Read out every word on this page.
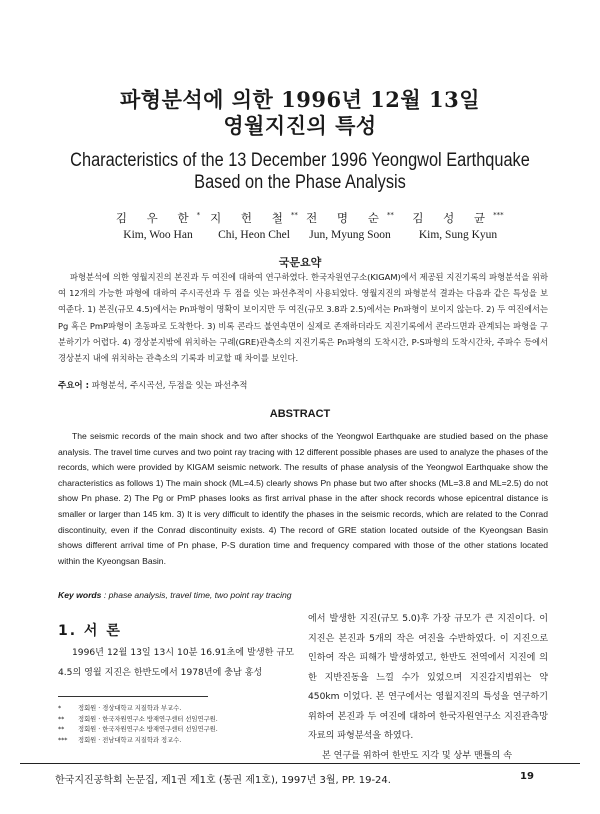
파형분석에 의한 1996년 12월 13일
영월지진의 특성
Characteristics of the 13 December 1996 Yeongwol Earthquake
Based on the Phase Analysis
김 우 한*
Kim, Woo Han
지 헌 철**
Chi, Heon Chel
전 명 순**
Jun, Myung Soon
김 성 균***
Kim, Sung Kyun
국문요약
파형분석에 의한 영월지진의 본진과 두 여진에 대하여 연구하였다. 한국자원연구소(KIGAM)에서 제공된 지진기록의 파형분석을 위하여 12개의 가능한 파형에 대하여 주시곡선과 두 점을 잇는 파선추적이 사용되었다. 영월지진의 파형분석 결과는 다음과 같은 특성을 보여준다. 1) 본진(규모 4.5)에서는 Pn파형이 명확이 보이지만 두 여진(규모 3.8과 2.5)에서는 Pn파형이 보이지 않는다. 2) 두 여진에서는 Pg 혹은 PmP파형이 초동파로 도착한다. 3) 비록 콘라드 불연속면이 실제로 존재하더라도 지진기록에서 콘라드면과 관계되는 파형을 구분하기가 어렵다. 4) 경상분지밖에 위치하는 구례(GRE)관측소의 지진기록은 Pn파형의 도착시간, P-S파형의 도착시간차, 주파수 등에서 경상분지 내에 위치하는 관측소의 기록과 비교할 때 차이를 보인다.
주요어 : 파형분석, 주시곡선, 두점을 잇는 파선추적
ABSTRACT
The seismic records of the main shock and two after shocks of the Yeongwol Earthquake are studied based on the phase analysis. The travel time curves and two point ray tracing with 12 different possible phases are used to analyze the phases of the records, which were provided by KIGAM seismic network. The results of phase analysis of the Yeongwol Earthquake show the characteristics as follows 1) The main shock (ML=4.5) clearly shows Pn phase but two after shocks (ML=3.8 and ML=2.5) do not show Pn phase. 2) The Pg or PmP phases looks as first arrival phase in the after shock records whose epicentral distance is smaller or larger than 145 km. 3) It is very difficult to identify the phases in the seismic records, which are related to the Conrad discontinuity, even if the Conrad discontinuity exists. 4) The record of GRE station located outside of the Kyeongsan Basin shows different arrival time of Pn phase, P-S duration time and frequency compared with those of the other stations located within the Kyeongsan Basin.
Key words : phase analysis, travel time, two point ray tracing
1. 서 론
1996년 12월 13일 13시 10분 16.91초에 발생한 규모 4.5의 영월 지진은 한반도에서 1978년에 충남 홍성
에서 발생한 지진(규모 5.0)후 가장 규모가 큰 지진이다. 이 지진은 본진과 5개의 작은 여진을 수반하였다. 이 지진으로 인하여 작은 피해가 발생하였고, 한반도 전역에서 지진에 의한 지반진동을 느낄 수가 있었으며 지진감지범위는 약 450km 이었다. 본 연구에서는 영월지진의 특성을 연구하기 위하여 본진과 두 여진에 대하여 한국자원연구소 지진관측망 자료의 파형분석을 하였다.
본 연구를 위하여 한반도 지각 및 상부 맨틀의 속
*	정회원 · 경상대학교 지질학과 부교수.
** 정회원 · 한국자원연구소 방재연구센터 선임연구원.
** 정회원 · 한국자원연구소 방재연구센터 선임연구원.
*** 정회원 · 전남대학교 지질학과 정교수.
한국지진공학회 논문집, 제1권 제1호 (통권 제1호), 1997년 3월, PP. 19-24.	19
